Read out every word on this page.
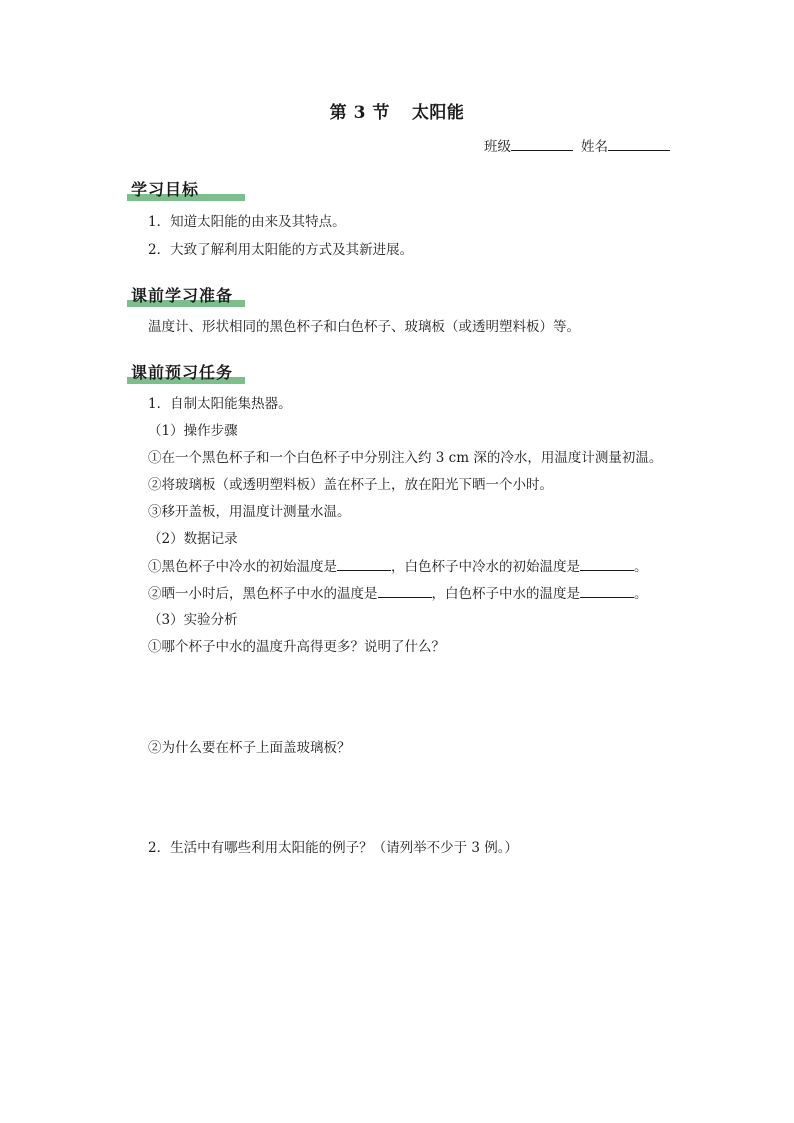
第 3 节 太阳能
班级	姓名
学习目标
1．知道太阳能的由来及其特点。
2．大致了解利用太阳能的方式及其新进展。
课前学习准备
温度计、形状相同的黑色杯子和白色杯子、玻璃板（或透明塑料板）等。
课前预习任务
1．自制太阳能集热器。
（1）操作步骤
①在一个黑色杯子和一个白色杯子中分别注入约 3 cm 深的冷水，用温度计测量初温。
②将玻璃板（或透明塑料板）盖在杯子上，放在阳光下晒一个小时。
③移开盖板，用温度计测量水温。
（2）数据记录
①黑色杯子中冷水的初始温度是	，白色杯子中冷水的初始温度是	。
②晒一小时后，黑色杯子中水的温度是	，白色杯子中水的温度是	。
（3）实验分析
①哪个杯子中水的温度升高得更多？说明了什么？
②为什么要在杯子上面盖玻璃板？
2．生活中有哪些利用太阳能的例子？（请列举不少于 3 例。）
